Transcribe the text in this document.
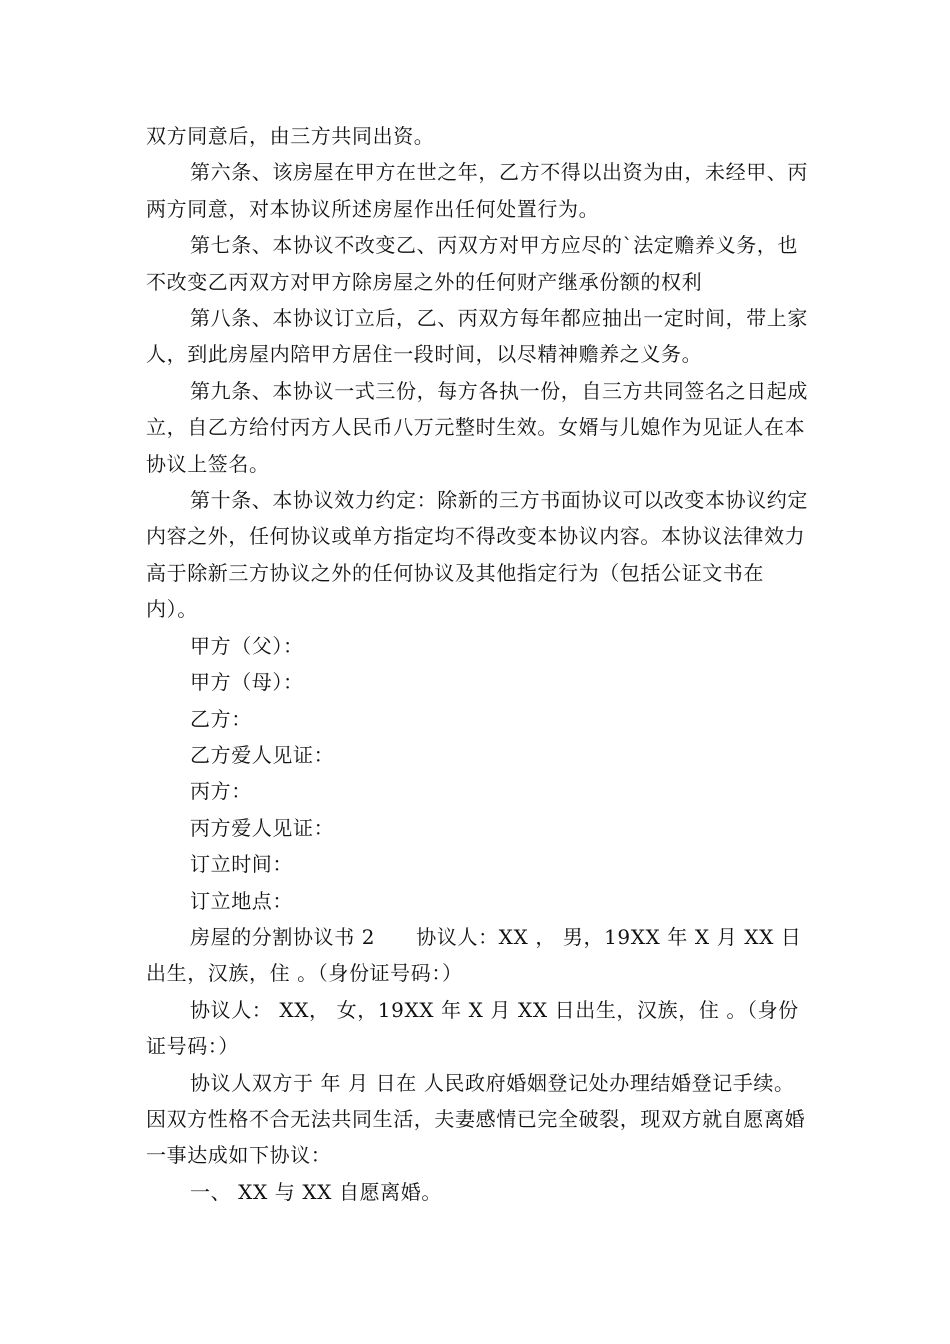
双方同意后，由三方共同出资。

第六条、该房屋在甲方在世之年，乙方不得以出资为由，未经甲、丙两方同意，对本协议所述房屋作出任何处置行为。

第七条、本协议不改变乙、丙双方对甲方应尽的`法定赡养义务，也不改变乙丙双方对甲方除房屋之外的任何财产继承份额的权利

第八条、本协议订立后，乙、丙双方每年都应抽出一定时间，带上家人，到此房屋内陪甲方居住一段时间，以尽精神赡养之义务。

第九条、本协议一式三份，每方各执一份，自三方共同签名之日起成立，自乙方给付丙方人民币八万元整时生效。女婿与儿媳作为见证人在本协议上签名。

第十条、本协议效力约定：除新的三方书面协议可以改变本协议约定内容之外，任何协议或单方指定均不得改变本协议内容。本协议法律效力高于除新三方协议之外的任何协议及其他指定行为（包括公证文书在内）。

甲方（父）：

甲方（母）：

乙方：

乙方爱人见证：

丙方：

丙方爱人见证：

订立时间：

订立地点：

房屋的分割协议书 2　　协议人：XX ， 男，19XX 年 X 月 XX 日出生，汉族，住 。（身份证号码：）

协议人： XX， 女，19XX 年 X 月 XX 日出生，汉族，住 。（身份证号码：）

协议人双方于 年 月 日在 人民政府婚姻登记处办理结婚登记手续。因双方性格不合无法共同生活，夫妻感情已完全破裂，现双方就自愿离婚一事达成如下协议：

一、 XX 与 XX 自愿离婚。
